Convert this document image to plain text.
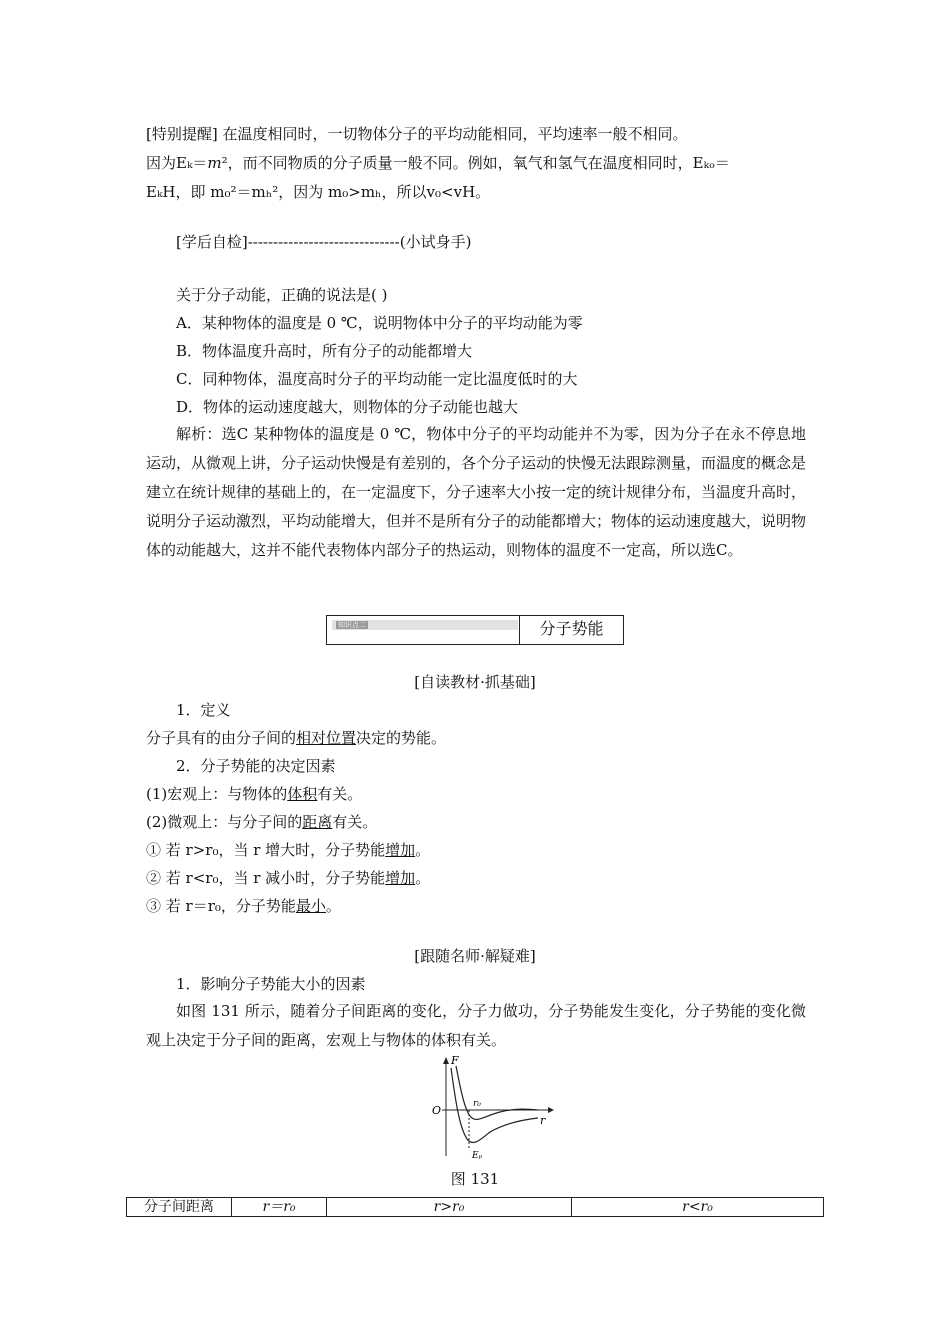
[特别提醒] 在温度相同时，一切物体分子的平均动能相同，平均速率一般不相同。
因为Eₖ＝𝑚²，而不同物质的分子质量一般不同。例如，氧气和氢气在温度相同时，Eₖₒ＝
EₖH，即 m₀²＝mₕ²，因为 m₀>mₕ，所以v₀<vH。
[学后自检]------------------------------(小试身手)
关于分子动能，正确的说法是( )
A．某种物体的温度是 0 ℃，说明物体中分子的平均动能为零
B．物体温度升高时，所有分子的动能都增大
C．同种物体，温度高时分子的平均动能一定比温度低时的大
D．物体的运动速度越大，则物体的分子动能也越大
解析：选C 某种物体的温度是 0 ℃，物体中分子的平均动能并不为零，因为分子在永不停息地运动，从微观上讲，分子运动快慢是有差别的，各个分子运动的快慢无法跟踪测量，而温度的概念是建立在统计规律的基础上的，在一定温度下，分子速率大小按一定的统计规律分布，当温度升高时，说明分子运动激烈，平均动能增大，但并不是所有分子的动能都增大；物体的运动速度越大，说明物体的动能越大，这并不能代表物体内部分子的热运动，则物体的温度不一定高，所以选C。
知识点二	分子势能
[自读教材·抓基础]
1．定义
分子具有的由分子间的相对位置决定的势能。
2．分子势能的决定因素
(1)宏观上：与物体的体积有关。
(2)微观上：与分子间的距离有关。
① 若 r>r₀，当 r 增大时，分子势能增加。
② 若 r<r₀，当 r 减小时，分子势能增加。
③ 若 r＝r₀，分子势能最小。
[跟随名师·解疑难]
1．影响分子势能大小的因素
如图 131 所示，随着分子间距离的变化，分子力做功，分子势能发生变化，分子势能的变化微观上决定于分子间的距离，宏观上与物体的体积有关。
F
O	r₀
r
Eₚ
图 131
分子间距离	r＝r₀	r>r₀	r<r₀
